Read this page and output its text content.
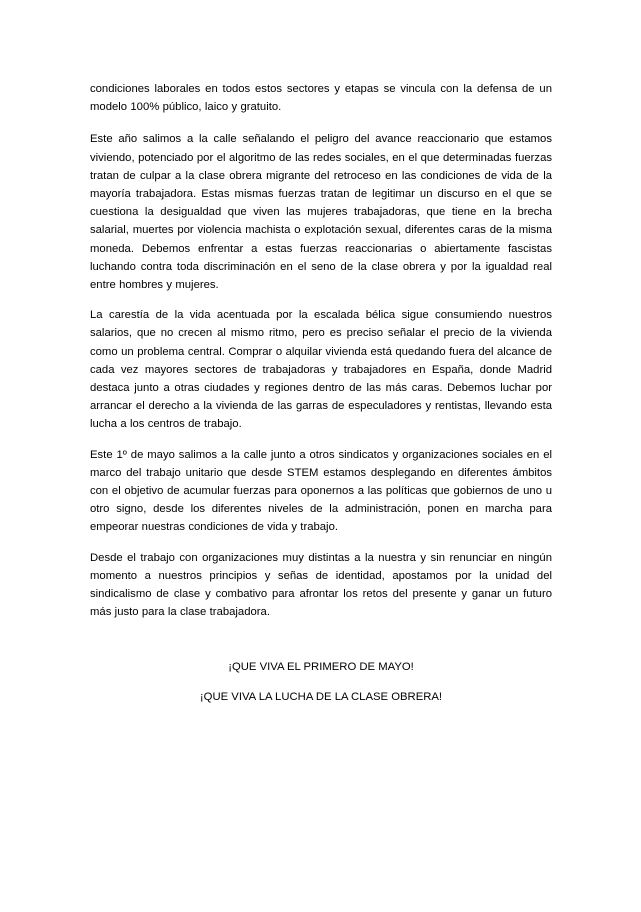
condiciones laborales en todos estos sectores y etapas se vincula con la defensa de un modelo 100% público, laico y gratuito.

Este año salimos a la calle señalando el peligro del avance reaccionario que estamos viviendo, potenciado por el algoritmo de las redes sociales, en el que determinadas fuerzas tratan de culpar a la clase obrera migrante del retroceso en las condiciones de vida de la mayoría trabajadora. Estas mismas fuerzas tratan de legitimar un discurso en el que se cuestiona la desigualdad que viven las mujeres trabajadoras, que tiene en la brecha salarial, muertes por violencia machista o explotación sexual, diferentes caras de la misma moneda. Debemos enfrentar a estas fuerzas reaccionarias o abiertamente fascistas luchando contra toda discriminación en el seno de la clase obrera y por la igualdad real entre hombres y mujeres.

La carestía de la vida acentuada por la escalada bélica sigue consumiendo nuestros salarios, que no crecen al mismo ritmo, pero es preciso señalar el precio de la vivienda como un problema central. Comprar o alquilar vivienda está quedando fuera del alcance de cada vez mayores sectores de trabajadoras y trabajadores en España, donde Madrid destaca junto a otras ciudades y regiones dentro de las más caras. Debemos luchar por arrancar el derecho a la vivienda de las garras de especuladores y rentistas, llevando esta lucha a los centros de trabajo.

Este 1º de mayo salimos a la calle junto a otros sindicatos y organizaciones sociales en el marco del trabajo unitario que desde STEM estamos desplegando en diferentes ámbitos con el objetivo de acumular fuerzas para oponernos a las políticas que gobiernos de uno u otro signo, desde los diferentes niveles de la administración, ponen en marcha para empeorar nuestras condiciones de vida y trabajo.

Desde el trabajo con organizaciones muy distintas a la nuestra y sin renunciar en ningún momento a nuestros principios y señas de identidad, apostamos por la unidad del sindicalismo de clase y combativo para afrontar los retos del presente y ganar un futuro más justo para la clase trabajadora.

¡QUE VIVA EL PRIMERO DE MAYO!

¡QUE VIVA LA LUCHA DE LA CLASE OBRERA!
